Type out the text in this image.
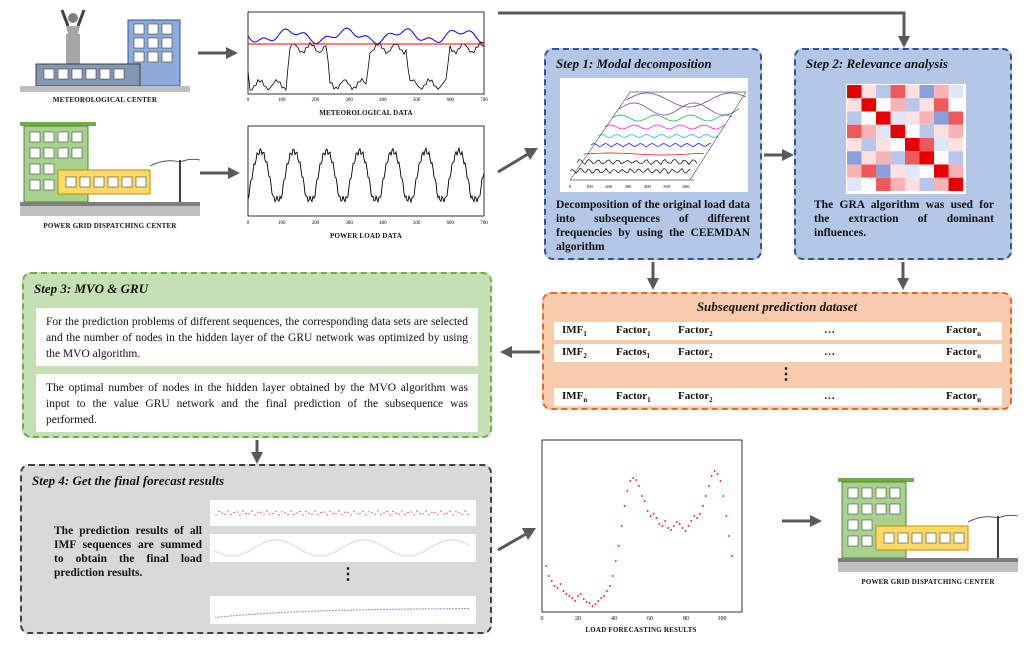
METEOROLOGICAL CENTER	0	100	200	300	400	500	600	700
METEOROLOGICAL DATA
POWER GRID DISPATCHING CENTER	0	100	200	300	400	500	600	700
POWER LOAD DATA
Step 1: Modal decomposition
0	100	200	300	400	500	600
Decomposition of the original load data into subsequences of different frequencies by using the CEEMDAN algorithm
Step 2: Relevance analysis
The GRA algorithm was used for the extraction of dominant influences.
Subsequent prediction dataset
$IMF_1$	Factor$_1$ Factor$_2$	…	Factor$_n$
$IMF_2$	Factos$_1$	Factor$_2$	…	Factor$_n$
⋮
$IMF_n$	Factor$_1$ Factor$_2$	…	Factor$_n$
Step 3: MVO & GRU
For the prediction problems of different sequences, the corresponding data sets are selected and the number of nodes in the hidden layer of the GRU network was optimized by using the MVO algorithm.
The optimal number of nodes in the hidden layer obtained by the MVO algorithm was input to the value GRU network and the final prediction of the subsequence was performed.
Step 4: Get the final forecast results
The prediction results of all IMF sequences are summed to obtain the final load prediction results.	⋮
0	20	40	60	80	100
LOAD FORECASTING RESULTS
POWER GRID DISPATCHING CENTER
